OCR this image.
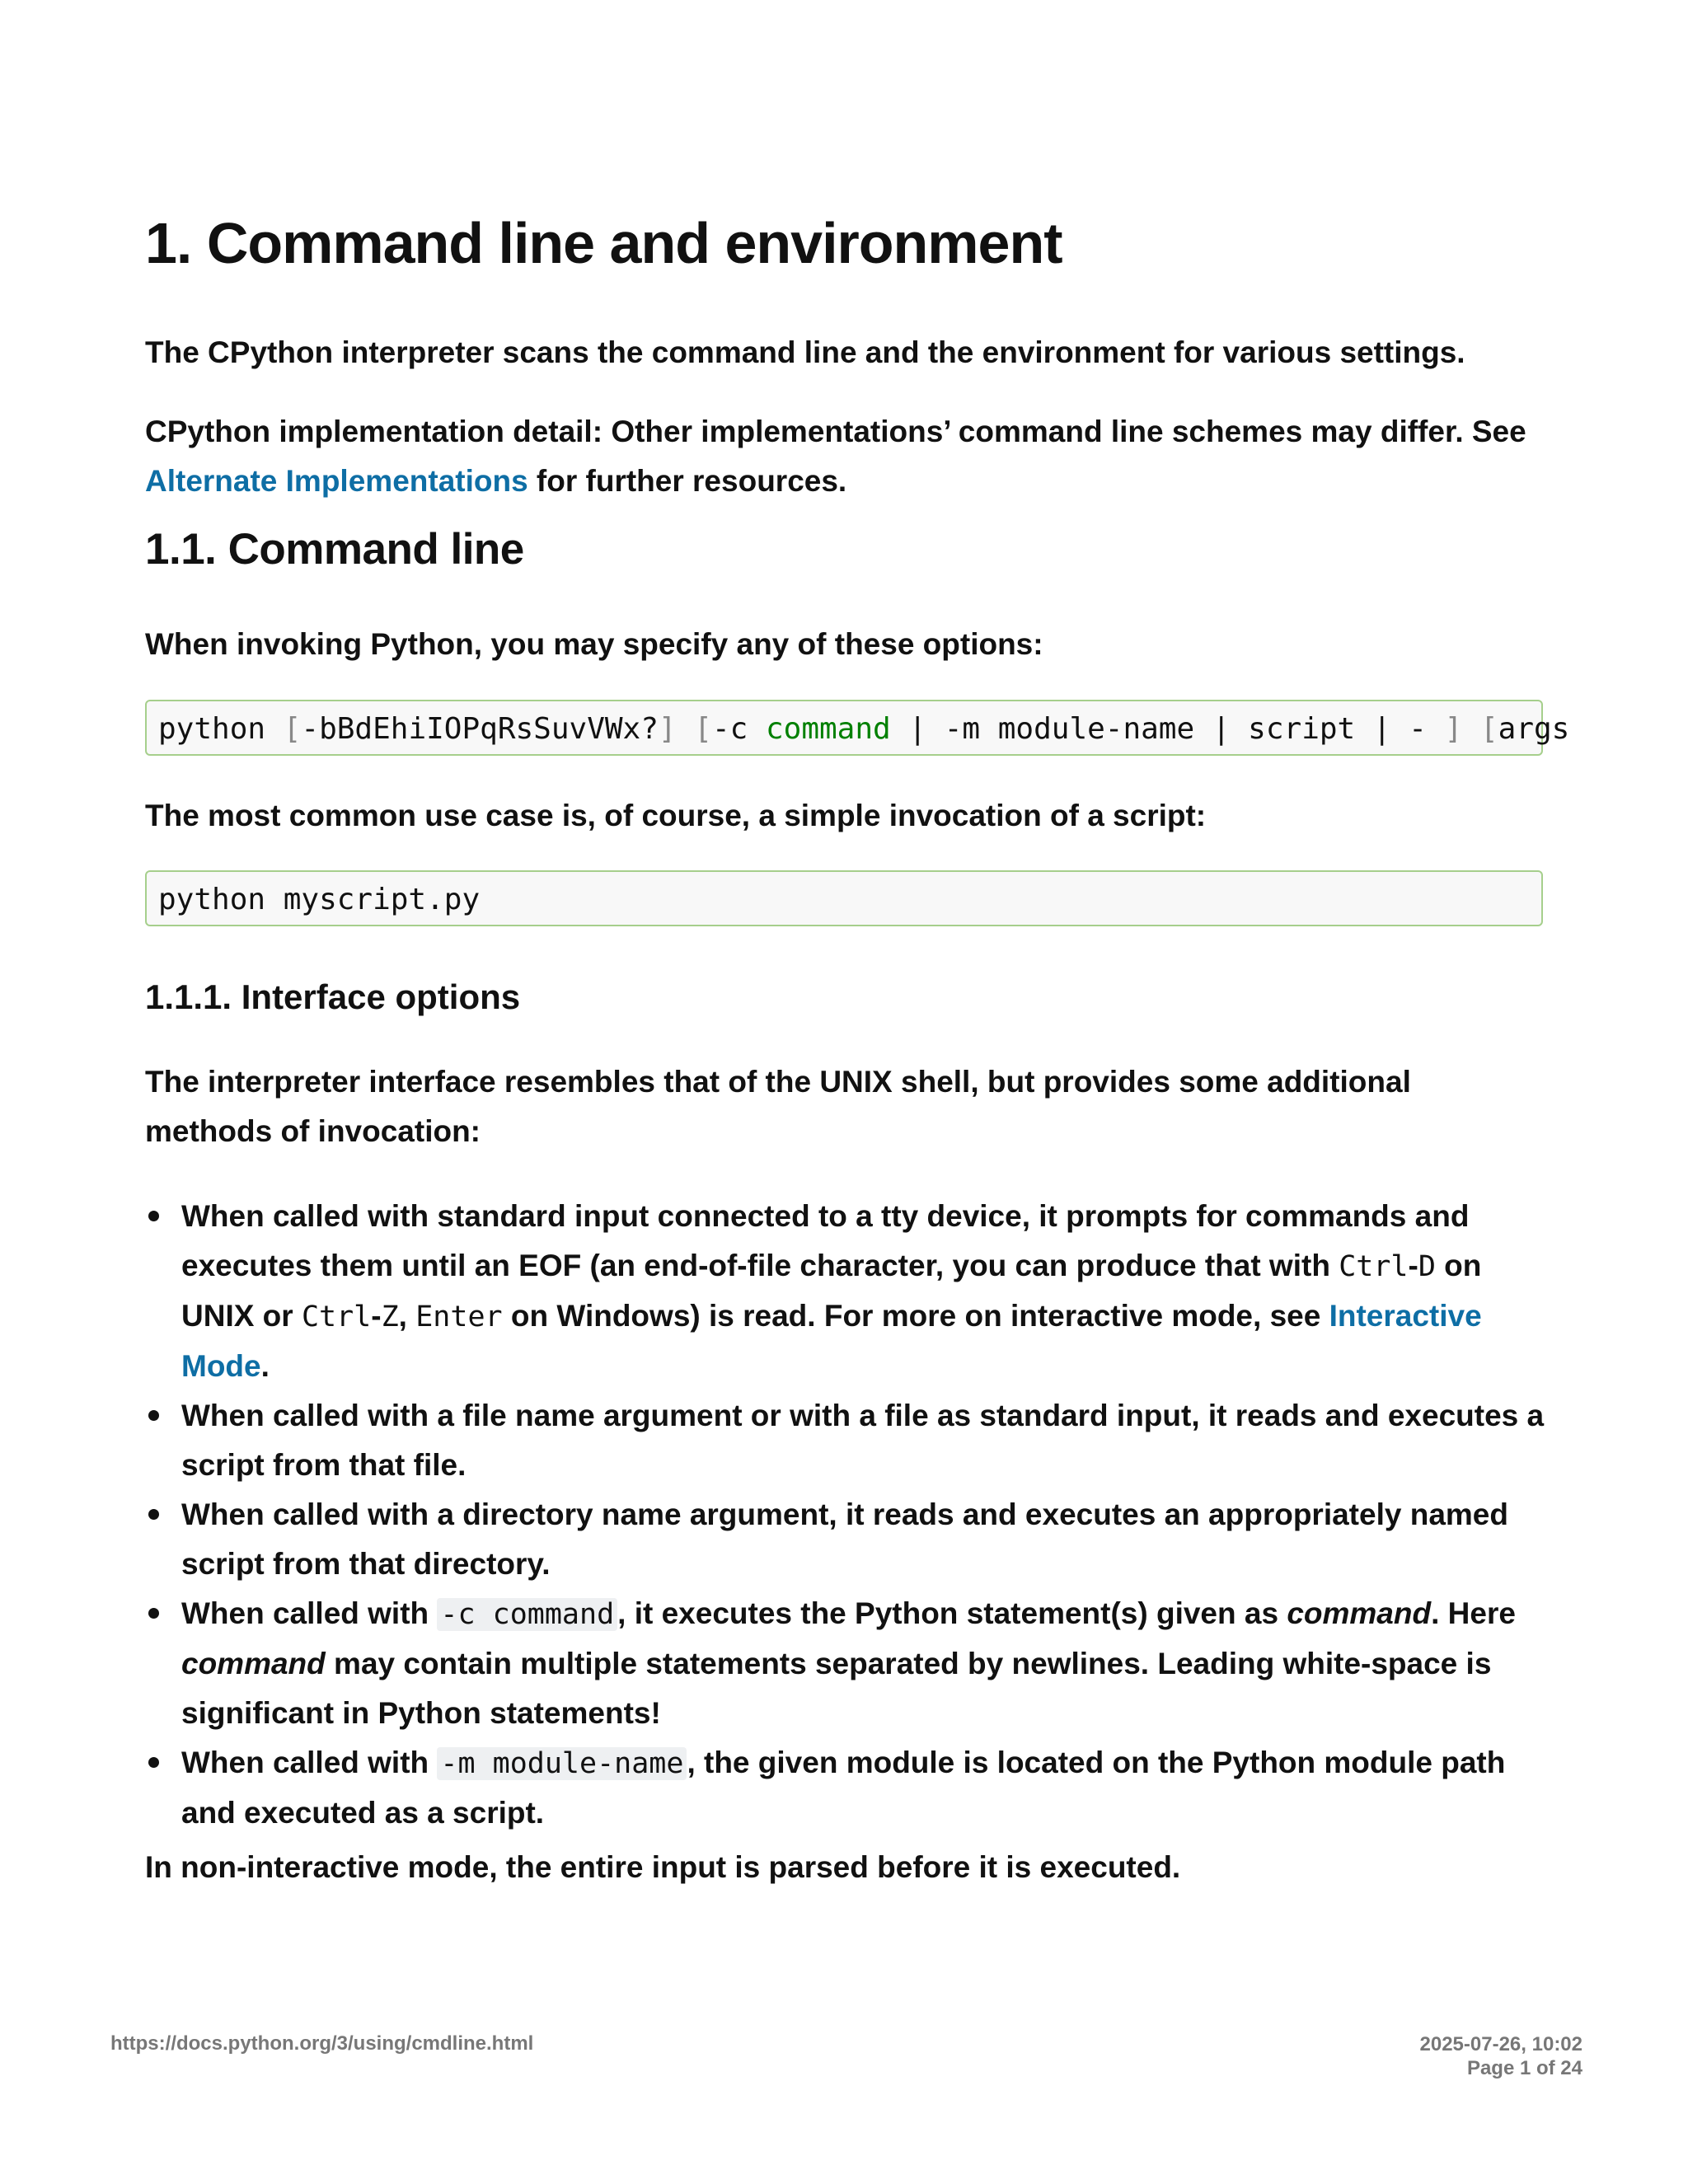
1. Command line and environment

The CPython interpreter scans the command line and the environment for various settings.

CPython implementation detail: Other implementations’ command line schemes may differ. See Alternate Implementations for further resources.

1.1. Command line

When invoking Python, you may specify any of these options:

python [-bBdEhiIOPqRsSuvVWx?] [-c command | -m module-name | script | - ] [args

The most common use case is, of course, a simple invocation of a script:

python myscript.py
1.1.1. Interface options

The interpreter interface resembles that of the UNIX shell, but provides some additional methods of invocation:

When called with standard input connected to a tty device, it prompts for commands and executes them until an EOF (an end-of-file character, you can produce that with Ctrl-D on UNIX or Ctrl-Z, Enter on Windows) is read. For more on interactive mode, see Interactive Mode.
When called with a file name argument or with a file as standard input, it reads and executes a script from that file.
When called with a directory name argument, it reads and executes an appropriately named script from that directory.
When called with -c command , it executes the Python statement(s) given as command. Here command may contain multiple statements separated by newlines. Leading white-space is significant in Python statements!
When called with -m module-name , the given module is located on the Python module path and executed as a script.

In non-interactive mode, the entire input is parsed before it is executed.

https://docs.python.org/3/using/cmdline.html	2025-07-26, 10:02
Page 1 of 24
